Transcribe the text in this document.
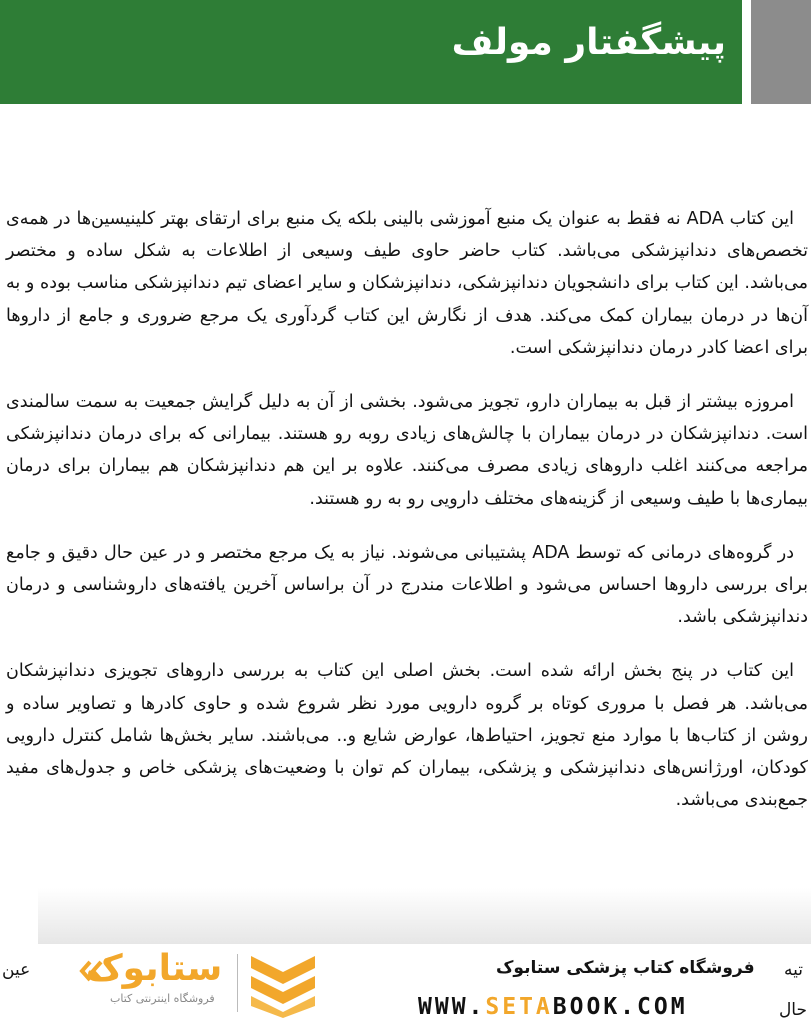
پیشگفتار مولف

این کتاب ADA نه فقط به عنوان یک منبع آموزشی بالینی بلکه یک منبع برای ارتقای بهتر کلینیسین‌ها در همه‌ی تخصص‌های دندانپزشکی می‌باشد. کتاب حاضر حاوی طیف وسیعی از اطلاعات به شکل ساده و مختصر می‌باشد. این کتاب برای دانشجویان دندانپزشکی، دندانپزشکان و سایر اعضای تیم دندانپزشکی مناسب بوده و به آن‌ها در درمان بیماران کمک می‌کند. هدف از نگارش این کتاب گردآوری یک مرجع ضروری و جامع از داروها برای اعضا کادر درمان دندانپزشکی است.

امروزه بیشتر از قبل به بیماران دارو، تجویز می‌شود. بخشی از آن به دلیل گرایش جمعیت به سمت سالمندی است. دندانپزشکان در درمان بیماران با چالش‌های زیادی روبه رو هستند. بیمارانی که برای درمان دندانپزشکی مراجعه می‌کنند اغلب داروهای زیادی مصرف می‌کنند. علاوه بر این هم دندانپزشکان هم بیماران برای درمان بیماری‌ها با طیف وسیعی از گزینه‌های مختلف دارویی رو به رو هستند.

در گروه‌های درمانی که توسط ADA پشتیبانی می‌شوند. نیاز به یک مرجع مختصر و در عین حال دقیق و جامع برای بررسی داروها احساس می‌شود و اطلاعات مندرج در آن براساس آخرین یافته‌های داروشناسی و درمان دندانپزشکی باشد.

این کتاب در پنج بخش ارائه شده است. بخش اصلی این کتاب به بررسی داروهای تجویزی دندانپزشکان می‌باشد. هر فصل با مروری کوتاه بر گروه دارویی مورد نظر شروع شده و حاوی کادرها و تصاویر ساده و روشن از کتاب‌ها با موارد منع تجویز، احتیاط‌ها، عوارض شایع و.. می‌باشند. سایر بخش‌ها شامل کنترل دارویی کودکان، اورژانس‌های دندانپزشکی و پزشکی، بیماران کم توان با وضعیت‌های پزشکی خاص و جدول‌های مفید جمع‌بندی می‌باشد.

تیه
حال
عین	فروشگاه کتاب پزشکی ستابوک
WWW.SETABOOK.COM
ستابوک
فروشگاه اینترنتی کتاب
